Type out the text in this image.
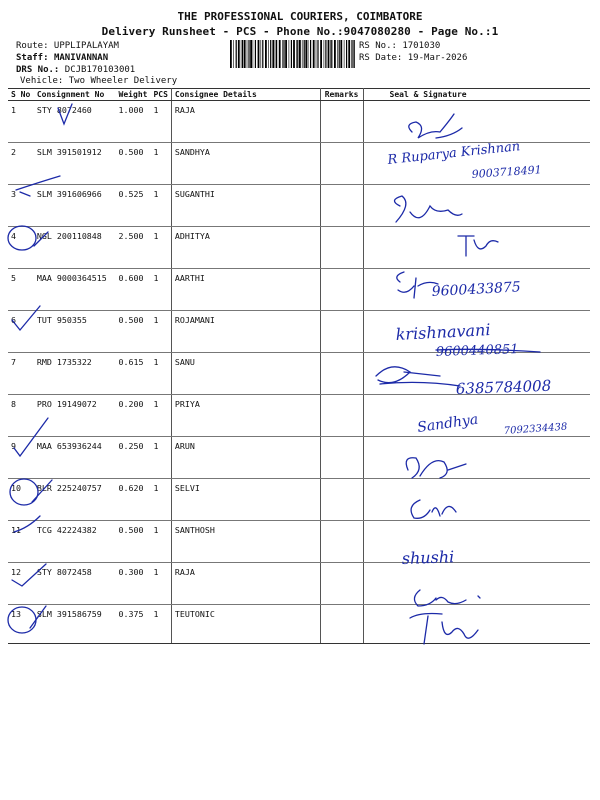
THE PROFESSIONAL COURIERS, COIMBATORE
Delivery Runsheet - PCS - Phone No.:9047080280 - Page No.:1
Route: UPPLIPALAYAM
Staff: MANIVANNAN
DRS No.: DCJB170103001
Vehicle: Two Wheeler Delivery
RS No.: 1701030
RS Date: 19-Mar-2026
S No	Consignment No	Weight	PCS	Consignee Details	Remarks	Seal & Signature
1	STY 8072460	1.000	1	RAJA		
2	SLM 391501912	0.500	1	SANDHYA		
3	SLM 391606966	0.525	1	SUGANTHI		
4	NGL 200110848	2.500	1	ADHITYA		
5	MAA 9000364515	0.600	1	AARTHI		
6	TUT 950355	0.500	1	ROJAMANI		
7	RMD 1735322	0.615	1	SANU		
8	PRO 19149072	0.200	1	PRIYA		
9	MAA 653936244	0.250	1	ARUN		
10	BLR 225240757	0.620	1	SELVI		
11	TCG 42224382	0.500	1	SANTHOSH		
12	STY 8072458	0.300	1	RAJA		
13	SLM 391586759	0.375	1	TEUTONIC		
R Ruparya Krishnan
9003718491
9600433875
krishnavani
9600440851
6385784008
Sandhya 7092334438
shushi
